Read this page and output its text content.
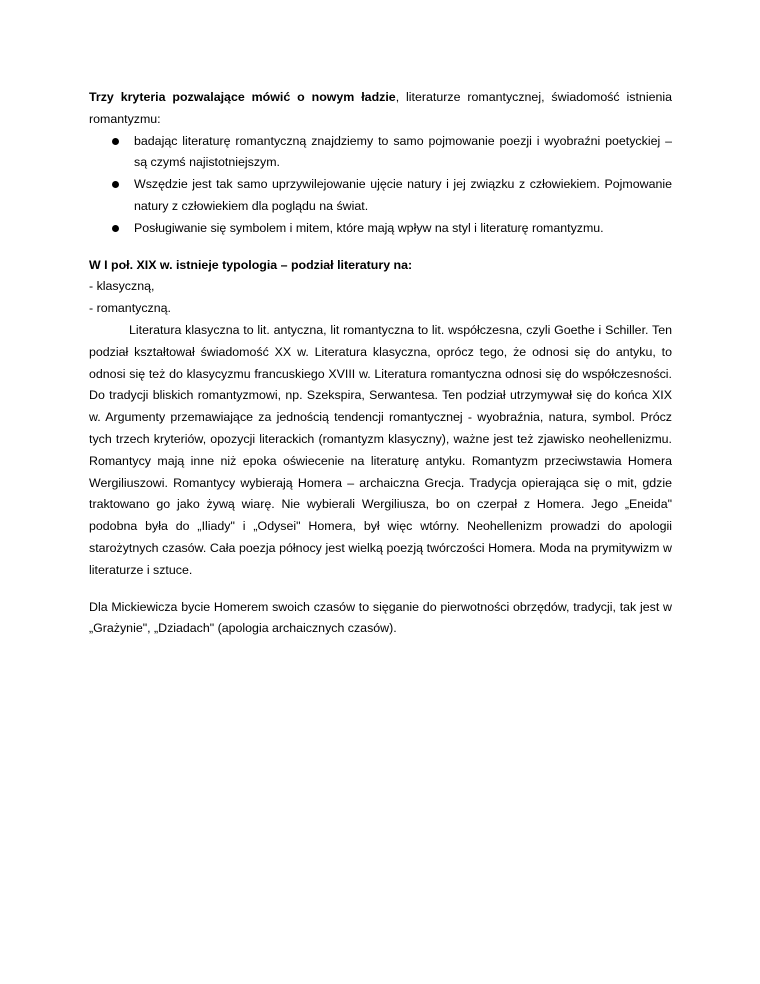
Trzy kryteria pozwalające mówić o nowym ładzie, literaturze romantycznej, świadomość istnienia romantyzmu:

badając literaturę romantyczną znajdziemy to samo pojmowanie poezji i wyobraźni poetyckiej – są czymś najistotniejszym.
Wszędzie jest tak samo uprzywilejowanie ujęcie natury i jej związku z człowiekiem. Pojmowanie natury z człowiekiem dla poglądu na świat.
Posługiwanie się symbolem i mitem, które mają wpływ na styl i literaturę romantyzmu.

W I poł. XIX w. istnieje typologia – podział literatury na:

- klasyczną,

- romantyczną.

Literatura klasyczna to lit. antyczna, lit romantyczna to lit. współczesna, czyli Goethe i Schiller. Ten podział kształtował świadomość XX w. Literatura klasyczna, oprócz tego, że odnosi się do antyku, to odnosi się też do klasycyzmu francuskiego XVIII w. Literatura romantyczna odnosi się do współczesności. Do tradycji bliskich romantyzmowi, np. Szekspira, Serwantesa. Ten podział utrzymywał się do końca XIX w. Argumenty przemawiające za jednością tendencji romantycznej - wyobraźnia, natura, symbol. Prócz tych trzech kryteriów, opozycji literackich (romantyzm klasyczny), ważne jest też zjawisko neohellenizmu. Romantycy mają inne niż epoka oświecenie na literaturę antyku. Romantyzm przeciwstawia Homera Wergiliuszowi. Romantycy wybierają Homera – archaiczna Grecja. Tradycja opierająca się o mit, gdzie traktowano go jako żywą wiarę. Nie wybierali Wergiliusza, bo on czerpał z Homera. Jego „Eneida" podobna była do „Iliady" i „Odysei" Homera, był więc wtórny. Neohellenizm prowadzi do apologii starożytnych czasów. Cała poezja północy jest wielką poezją twórczości Homera. Moda na prymitywizm w literaturze i sztuce.

Dla Mickiewicza bycie Homerem swoich czasów to sięganie do pierwotności obrzędów, tradycji, tak jest w „Grażynie", „Dziadach" (apologia archaicznych czasów).
